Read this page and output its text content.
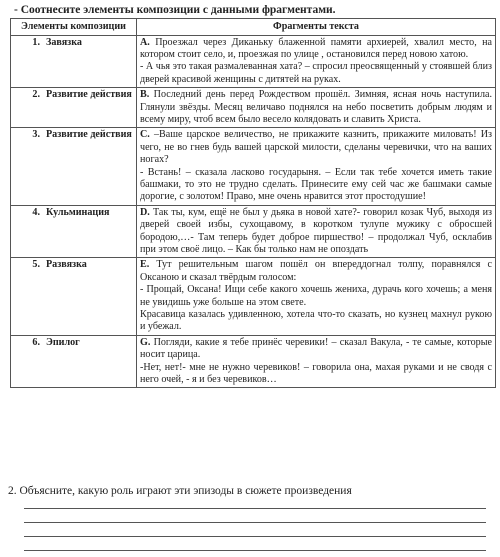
- Соотнесите элементы композиции с данными фрагментами.
Элементы композиции	Фрагменты текста
1. Завязка	А. Проезжал через Диканьку блаженной памяти архиерей, хвалил место, на котором стоит село, и, проезжая по улице , остановился перед новою хатою.
- А чья это такая размалеванная хата? – спросил преосвященный у стоявшей близ дверей красивой женщины с дитятей на руках.
2. Развитие действия	В. Последний день перед Рождеством прошёл. Зимняя, ясная ночь наступила. Глянули звёзды. Месяц величаво поднялся на небо посветить добрым людям и всему миру, чтоб всем было весело колядовать и славить Христа.
3. Развитие действия	С. –Ваше царское величество, не прикажите казнить, прикажите миловать! Из чего, не во гнев будь вашей царской милости, сделаны черевички, что на ваших ногах?
- Встань! – сказала ласково государыня. – Если так тебе хочется иметь такие башмаки, то это не трудно сделать. Принесите ему сей час же башмаки самые дорогие, с золотом! Право, мне очень нравится этот простодушие!
4. Кульминация	D. Так ты, кум, ещё не был у дьяка в новой хате?- говорил козак Чуб, выходя из дверей своей избы, сухощавому, в коротком тулупе мужику с обросшей бородою,…- Там теперь будет доброе пиршество! – продолжал Чуб, осклабив при этом своё лицо. – Как бы только нам не опоздать
5. Развязка	E. Тут решительным шагом пошёл он впереддогнал толпу, поравнялся с Оксаною и сказал твёрдым голосом:
- Прощай, Оксана! Ищи себе какого хочешь жениха, дурачь кого хочешь; а меня не увидишь уже больше на этом свете.
Красавица казалась удивленною, хотела что-то сказать, но кузнец махнул рукою и убежал.
6. Эпилог	G. Погляди, какие я тебе принёс черевики! – сказал Вакула, - те самые, которые носит царица.
-Нет, нет!- мне не нужно черевиков! – говорила она, махая руками и не сводя с него очей, - я и без черевиков…
2. Объясните, какую роль играют эти эпизоды в сюжете произведения
